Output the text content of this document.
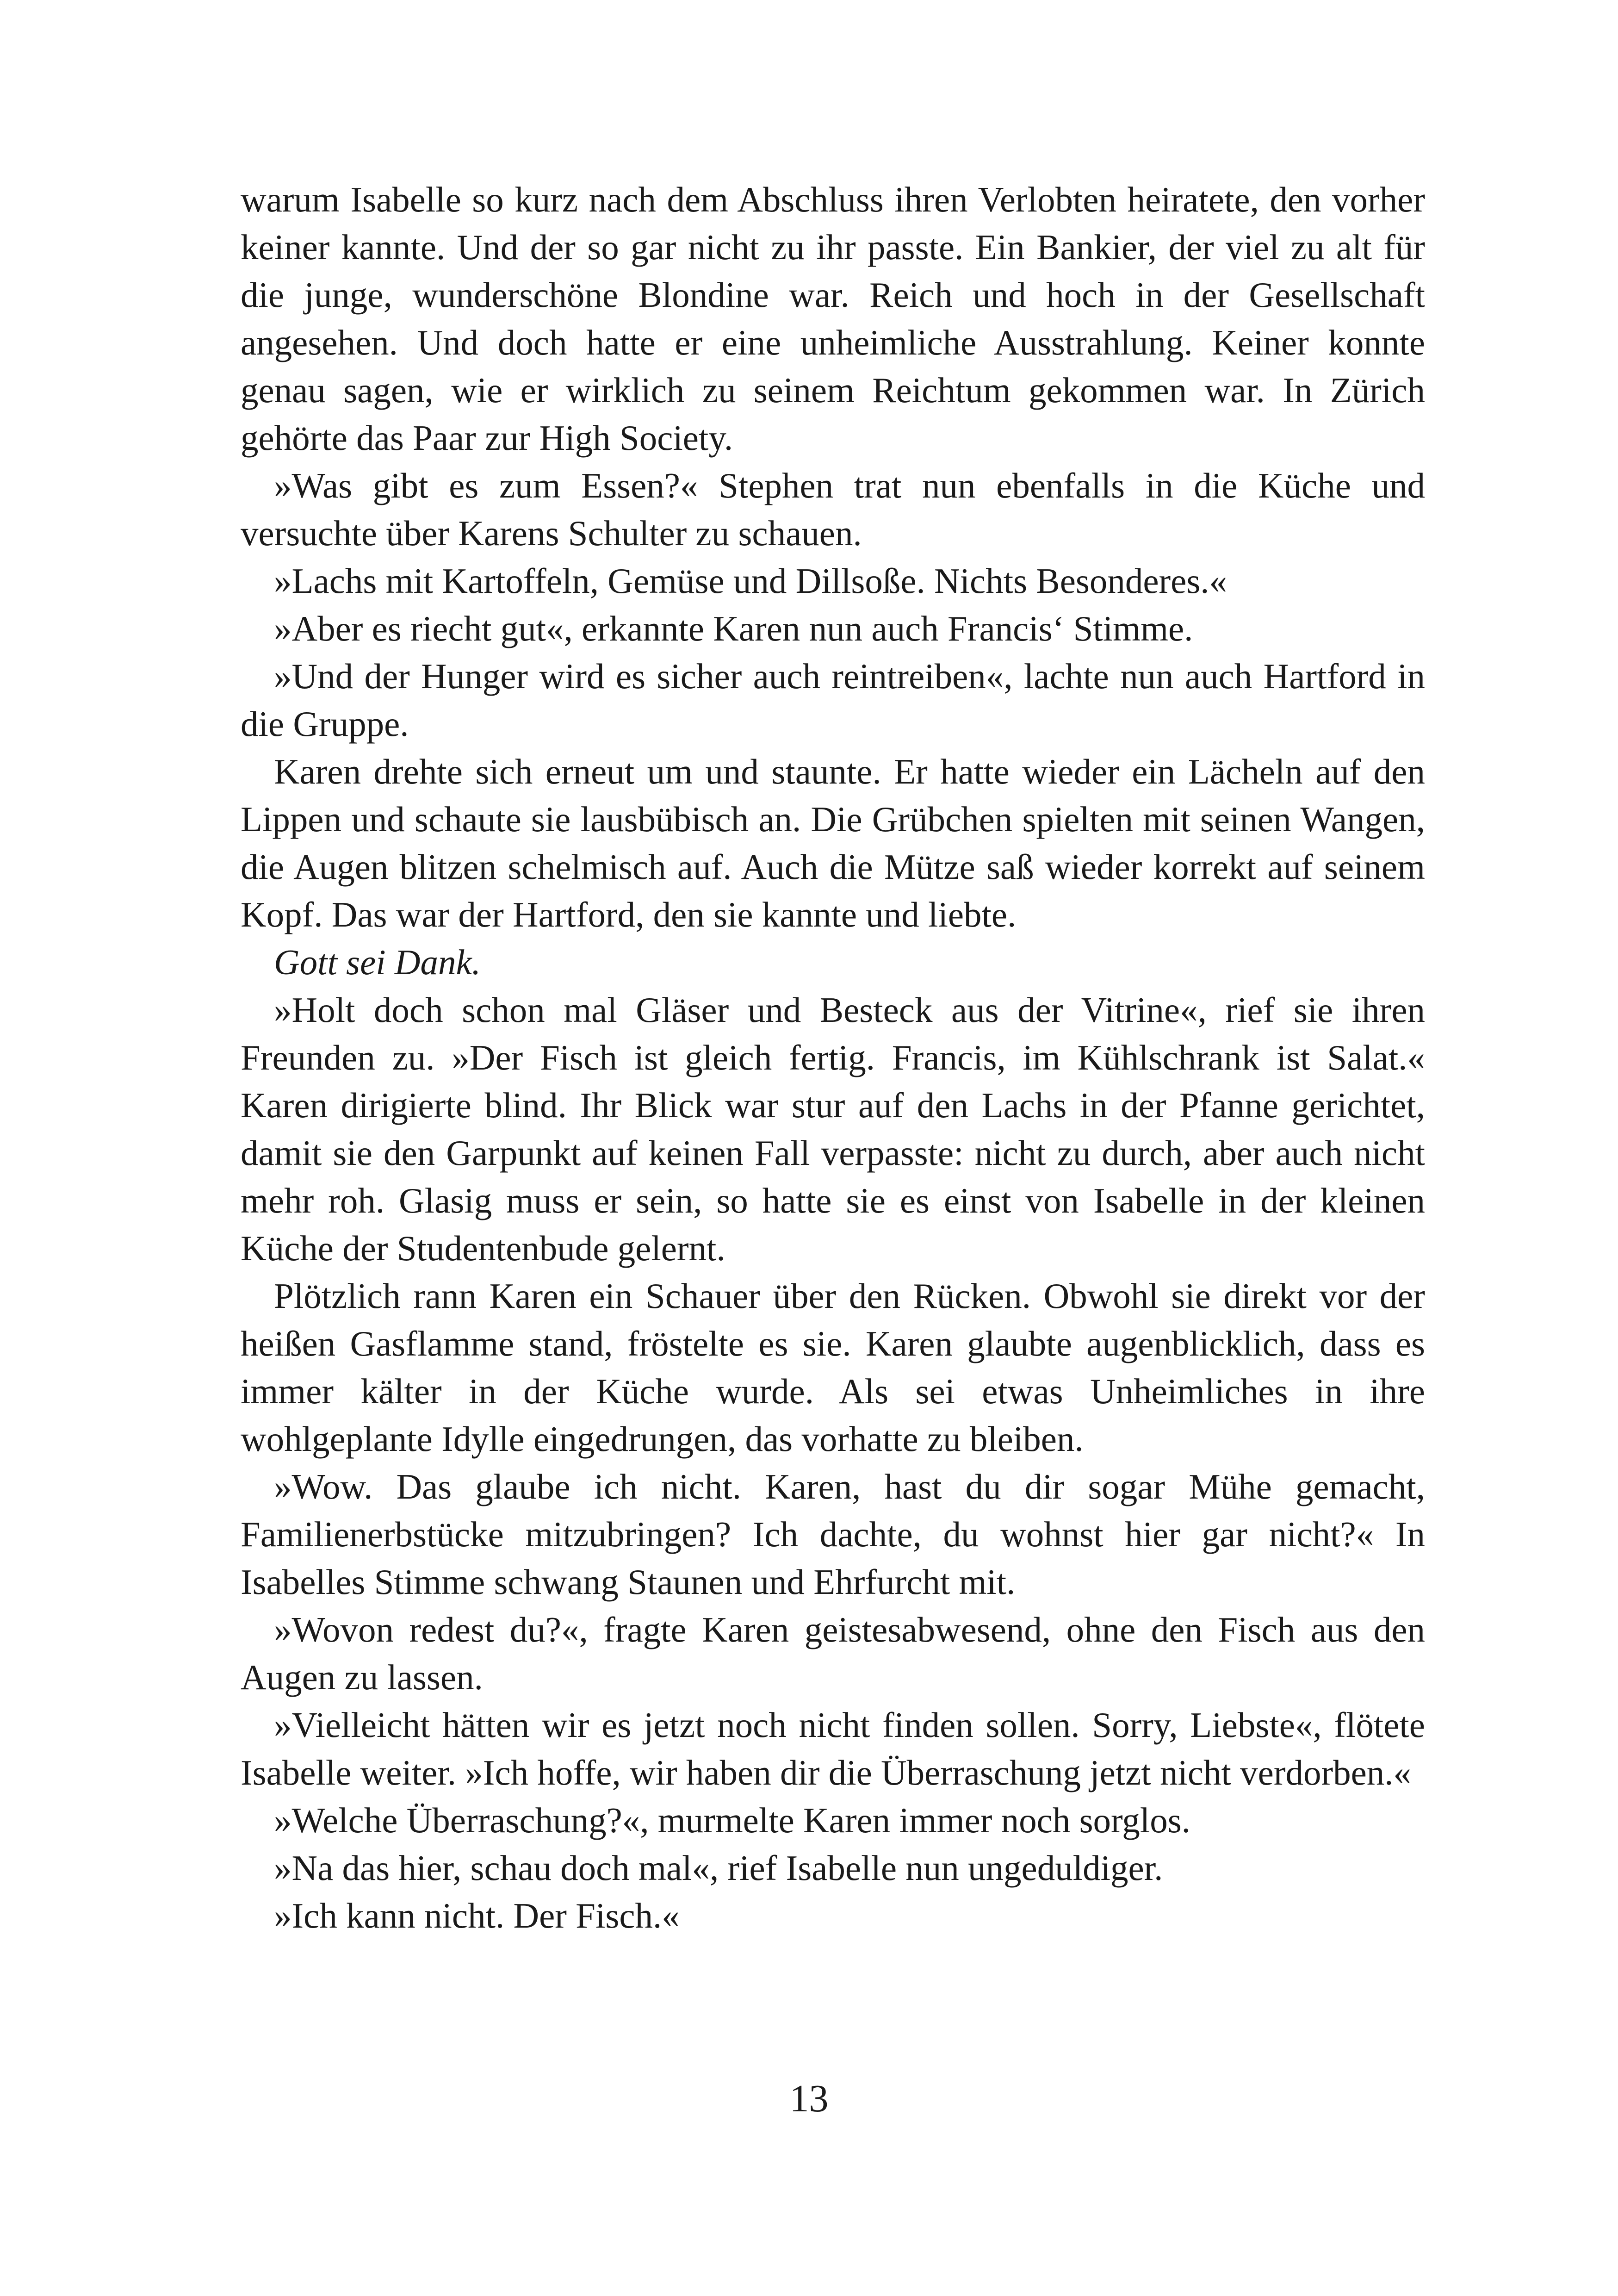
warum Isabelle so kurz nach dem Abschluss ihren Verlobten heiratete, den vorher keiner kannte. Und der so gar nicht zu ihr passte. Ein Bankier, der viel zu alt für die junge, wunderschöne Blondine war. Reich und hoch in der Gesellschaft angesehen. Und doch hatte er eine unheimliche Ausstrahlung. Keiner konnte genau sagen, wie er wirklich zu seinem Reichtum gekommen war. In Zürich gehörte das Paar zur High Society.

»Was gibt es zum Essen?« Stephen trat nun ebenfalls in die Küche und versuchte über Karens Schulter zu schauen.

»Lachs mit Kartoffeln, Gemüse und Dillsoße. Nichts Besonderes.«

»Aber es riecht gut«, erkannte Karen nun auch Francis‘ Stimme.

»Und der Hunger wird es sicher auch reintreiben«, lachte nun auch Hartford in die Gruppe.

Karen drehte sich erneut um und staunte. Er hatte wieder ein Lächeln auf den Lippen und schaute sie lausbübisch an. Die Grübchen spielten mit seinen Wangen, die Augen blitzen schelmisch auf. Auch die Mütze saß wieder korrekt auf seinem Kopf. Das war der Hartford, den sie kannte und liebte.

Gott sei Dank.

»Holt doch schon mal Gläser und Besteck aus der Vitrine«, rief sie ihren Freunden zu. »Der Fisch ist gleich fertig. Francis, im Kühlschrank ist Salat.« Karen dirigierte blind. Ihr Blick war stur auf den Lachs in der Pfanne gerichtet, damit sie den Garpunkt auf keinen Fall verpasste: nicht zu durch, aber auch nicht mehr roh. Glasig muss er sein, so hatte sie es einst von Isabelle in der kleinen Küche der Studentenbude gelernt.

Plötzlich rann Karen ein Schauer über den Rücken. Obwohl sie direkt vor der heißen Gasflamme stand, fröstelte es sie. Karen glaubte augenblicklich, dass es immer kälter in der Küche wurde. Als sei etwas Unheimliches in ihre wohlgeplante Idylle eingedrungen, das vorhatte zu bleiben.

»Wow. Das glaube ich nicht. Karen, hast du dir sogar Mühe gemacht, Familienerbstücke mitzubringen? Ich dachte, du wohnst hier gar nicht?« In Isabelles Stimme schwang Staunen und Ehrfurcht mit.

»Wovon redest du?«, fragte Karen geistesabwesend, ohne den Fisch aus den Augen zu lassen.

»Vielleicht hätten wir es jetzt noch nicht finden sollen. Sorry, Liebste«, flötete Isabelle weiter. »Ich hoffe, wir haben dir die Überraschung jetzt nicht verdorben.«

»Welche Überraschung?«, murmelte Karen immer noch sorglos.

»Na das hier, schau doch mal«, rief Isabelle nun ungeduldiger.

»Ich kann nicht. Der Fisch.«

13
